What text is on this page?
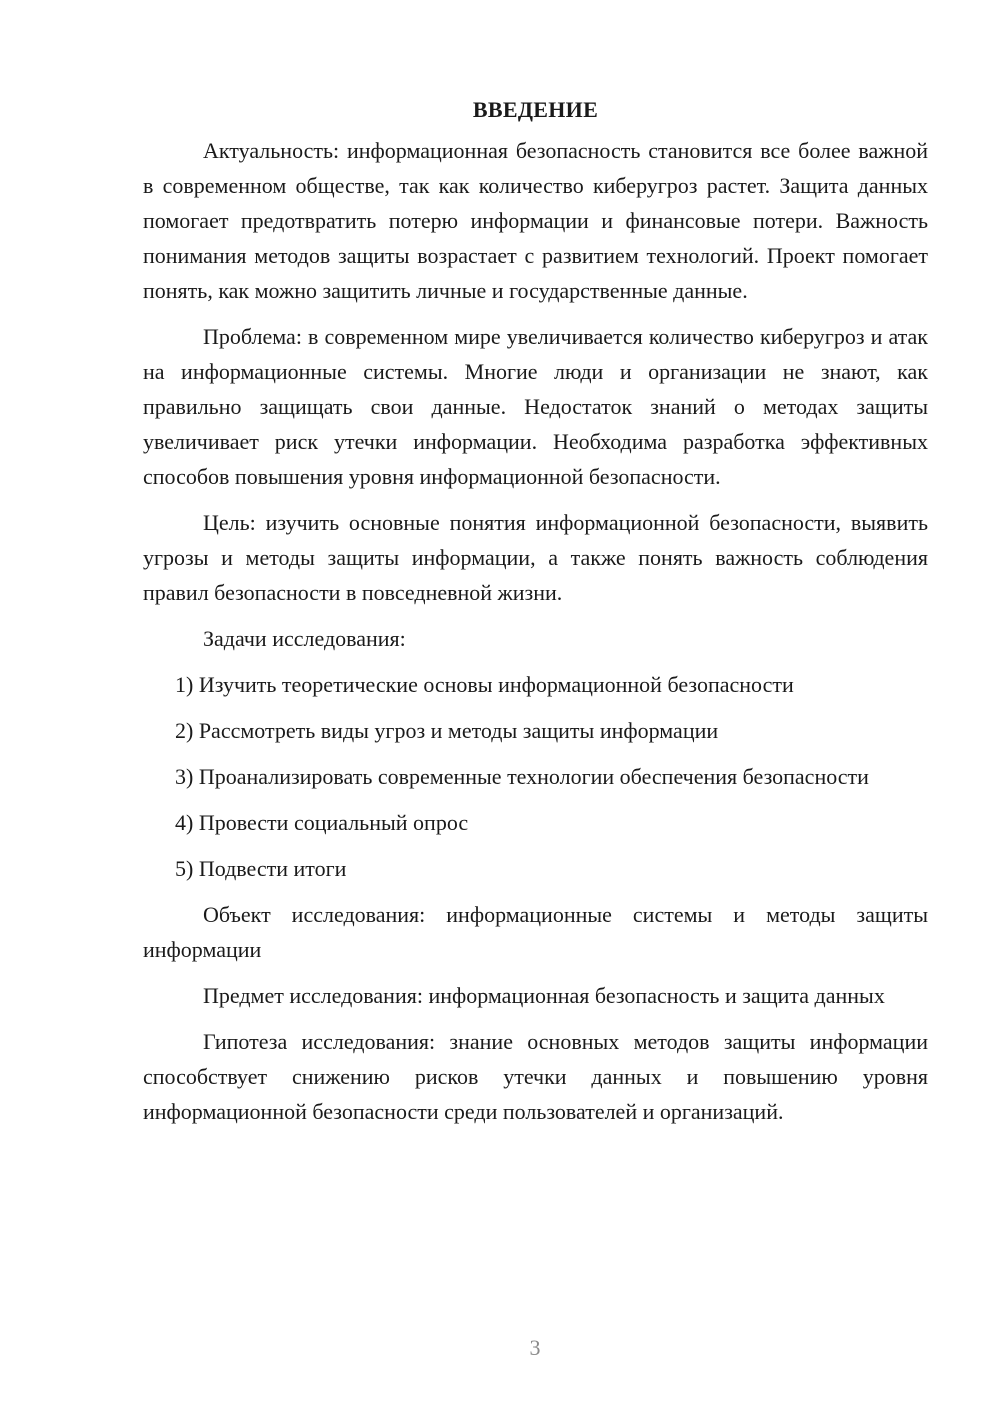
ВВЕДЕНИЕ

Актуальность: информационная безопасность становится все более важной в современном обществе, так как количество киберугроз растет. Защита данных помогает предотвратить потерю информации и финансовые потери. Важность понимания методов защиты возрастает с развитием технологий. Проект помогает понять, как можно защитить личные и государственные данные.

Проблема: в современном мире увеличивается количество киберугроз и атак на информационные системы. Многие люди и организации не знают, как правильно защищать свои данные. Недостаток знаний о методах защиты увеличивает риск утечки информации. Необходима разработка эффективных способов повышения уровня информационной безопасности.

Цель: изучить основные понятия информационной безопасности, выявить угрозы и методы защиты информации, а также понять важность соблюдения правил безопасности в повседневной жизни.

Задачи исследования:

1) Изучить теоретические основы информационной безопасности

2) Рассмотреть виды угроз и методы защиты информации

3) Проанализировать современные технологии обеспечения безопасности

4) Провести социальный опрос

5) Подвести итоги

Объект исследования: информационные системы и методы защиты информации

Предмет исследования: информационная безопасность и защита данных

Гипотеза исследования: знание основных методов защиты информации способствует снижению рисков утечки данных и повышению уровня информационной безопасности среди пользователей и организаций.

3
